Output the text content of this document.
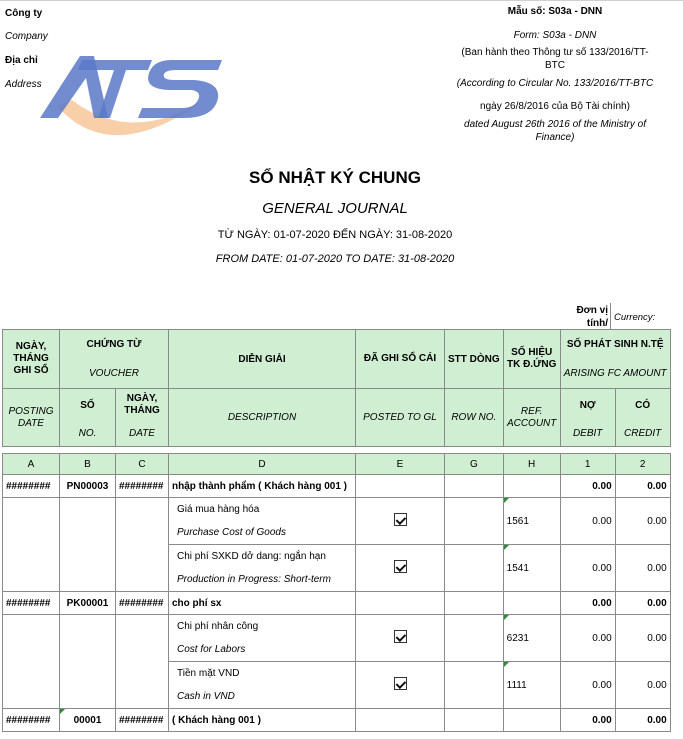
Công ty
Company
Địa chỉ
Address
Mẫu số: S03a - DNN
Form: S03a - DNN
(Ban hành theo Thông tư số 133/2016/TT-
BTC
(According to Circular No. 133/2016/TT-BTC
ngày 26/8/2016 của Bộ Tài chính)
dated August 26th 2016 of the Ministry of
Finance)
SỔ NHẬT KÝ CHUNG
GENERAL JOURNAL
TỪ NGÀY: 01-07-2020 ĐẾN NGÀY: 31-08-2020
FROM DATE: 01-07-2020 TO DATE: 31-08-2020
Đơn vị
tính/
Currency:
NGÀY, THÁNG GHI SỔ	CHỨNG TỪ		DIỄN GIẢI	ĐÃ GHI SỔ CÁI	STT DÒNG	SỐ HIỆU TK Đ.ỨNG	SỐ PHÁT SINH N.TỆ	
	VOUCHER						ARISING FC AMOUNT	
POSTING DATE	SỐ	NGÀY, THÁNG	DESCRIPTION	POSTED TO GL	ROW NO.	REF. ACCOUNT	NỢ	CÓ
	NO.	DATE					DEBIT	CREDIT

A	B	C	D	E	G	H	1	2
########	PN00003	########	nhập thành phẩm ( Khách hàng 001 )				0.00	0.00

			Giá mua hàng hóa
Purchase Cost of Goods			1561	0.00	0.00

			Chi phí SXKD dở dang: ngắn hạn
Production in Progress: Short-term			1541	0.00	0.00
########	PK00001	########	cho phí sx				0.00	0.00

			Chi phí nhân công
Cost for Labors			6231	0.00	0.00

			Tiền mặt VND
Cash in VND			1111	0.00	0.00
########	00001	########	( Khách hàng 001 )				0.00	0.00
